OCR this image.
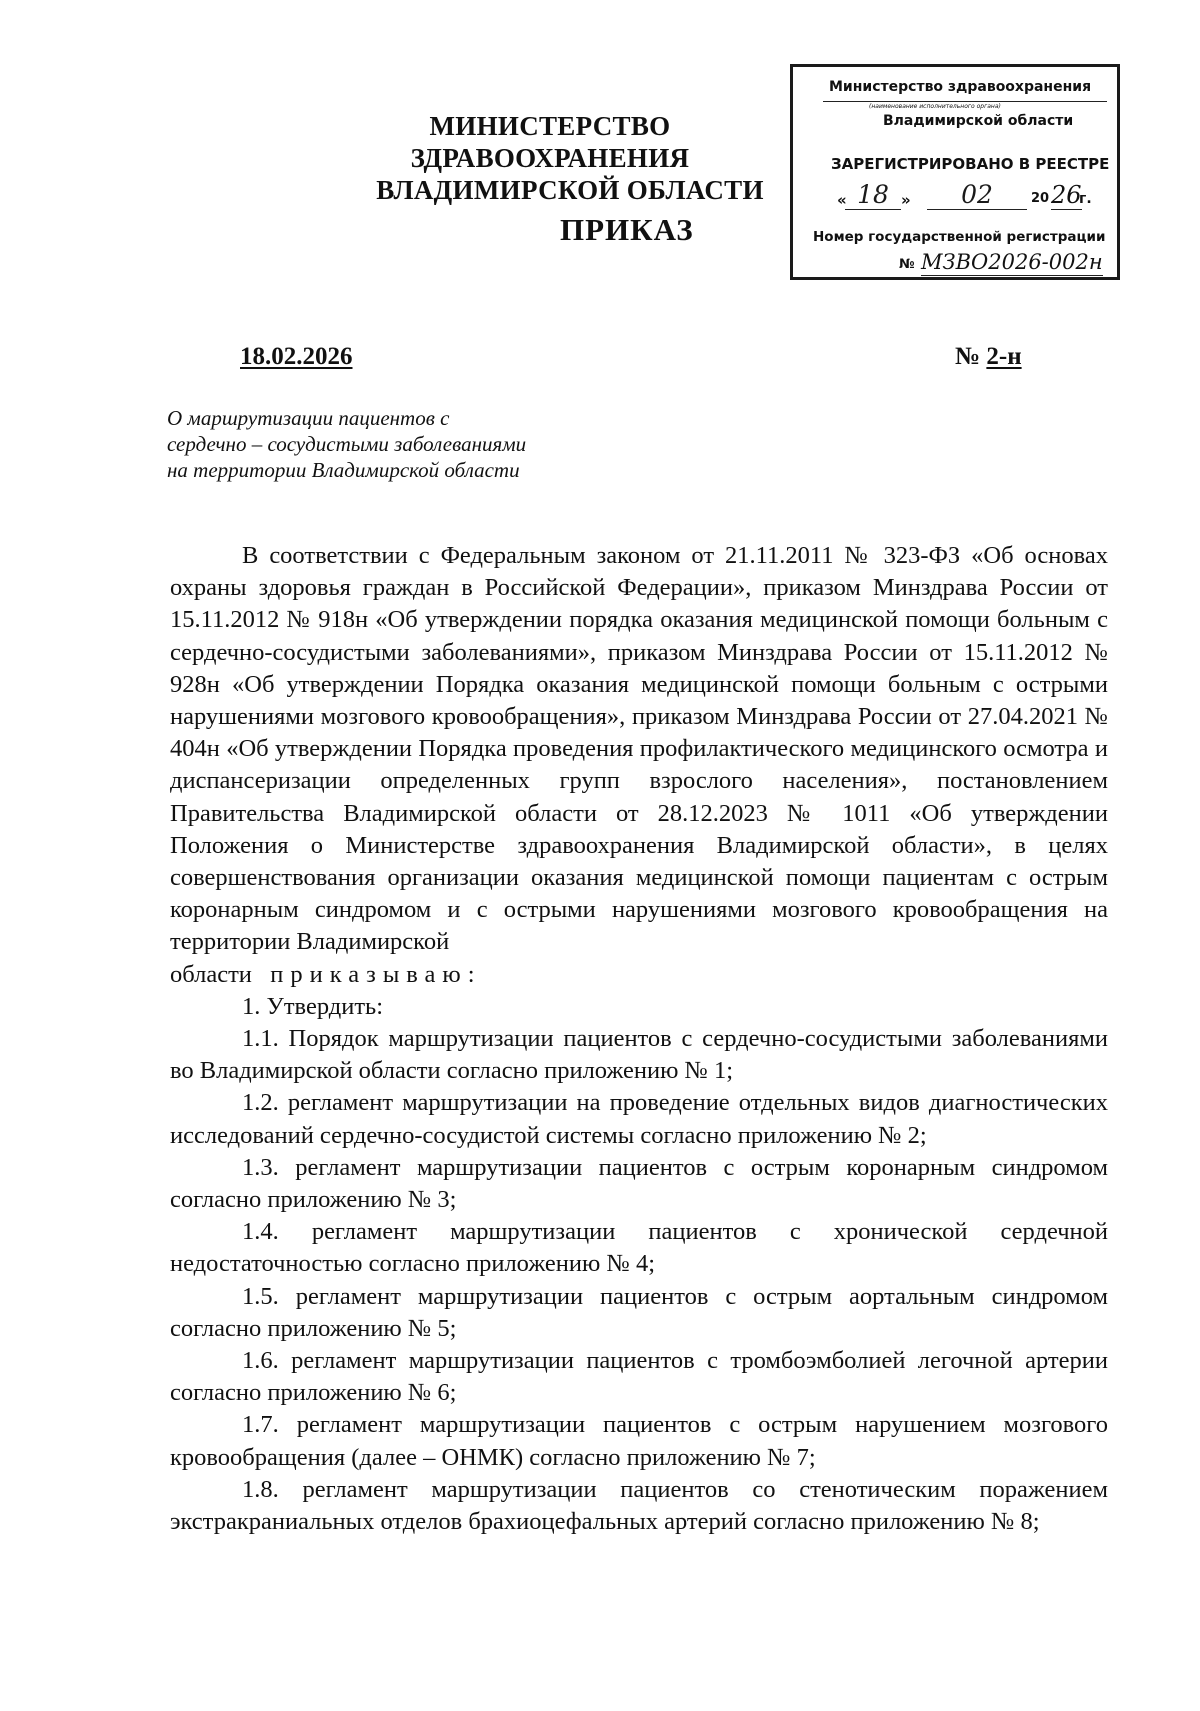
МИНИСТЕРСТВО ЗДРАВООХРАНЕНИЯ
ВЛАДИМИРСКОЙ ОБЛАСТИ
ПРИКАЗ
Министерство здравоохранения
(наименование исполнительного органа)
Владимирской области
ЗАРЕГИСТРИРОВАНО В РЕЕСТРЕ
« 18 »	02	20 26
г.
Номер государственной регистрации
№ МЗВО2026-002н
18.02.2026	№ 2-н
О маршрутизации пациентов с
сердечно – сосудистыми заболеваниями
на территории Владимирской области

В соответствии с Федеральным законом от 21.11.2011 № 323-ФЗ «Об основах охраны здоровья граждан в Российской Федерации», приказом Минздрава России от 15.11.2012 № 918н «Об утверждении порядка оказания медицинской помощи больным с сердечно-сосудистыми заболеваниями», приказом Минздрава России от 15.11.2012 № 928н «Об утверждении Порядка оказания медицинской помощи больным с острыми нарушениями мозгового кровообращения», приказом Минздрава России от 27.04.2021 № 404н «Об утверждении Порядка проведения профилактического медицинского осмотра и диспансеризации определенных групп взрослого населения», постановлением Правительства Владимирской области от 28.12.2023 № 1011 «Об утверждении Положения о Министерстве здравоохранения Владимирской области», в целях совершенствования организации оказания медицинской помощи пациентам с острым коронарным синдромом и с острыми нарушениями мозгового кровообращения на территории Владимирской

области приказываю:

1. Утвердить:

1.1. Порядок маршрутизации пациентов с сердечно-сосудистыми заболеваниями во Владимирской области согласно приложению № 1;

1.2. регламент маршрутизации на проведение отдельных видов диагностических исследований сердечно-сосудистой системы согласно приложению № 2;

1.3. регламент маршрутизации пациентов с острым коронарным синдромом согласно приложению № 3;

1.4. регламент маршрутизации пациентов с хронической сердечной недостаточностью согласно приложению № 4;

1.5. регламент маршрутизации пациентов с острым аортальным синдромом согласно приложению № 5;

1.6. регламент маршрутизации пациентов с тромбоэмболией легочной артерии согласно приложению № 6;

1.7. регламент маршрутизации пациентов с острым нарушением мозгового кровообращения (далее – ОНМК) согласно приложению № 7;

1.8. регламент маршрутизации пациентов со стенотическим поражением экстракраниальных отделов брахиоцефальных артерий согласно приложению № 8;
